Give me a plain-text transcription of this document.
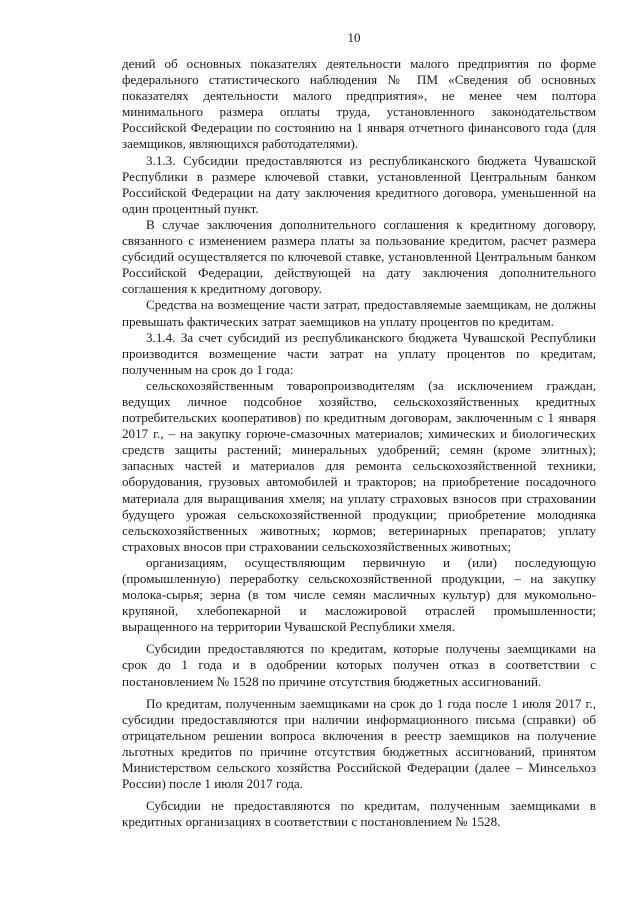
10

дений об основных показателях деятельности малого предприятия по форме федерального статистического наблюдения № ПМ «Сведения об основных показателях деятельности малого предприятия», не менее чем полтора минимального размера оплаты труда, установленного законодательством Российской Федерации по состоянию на 1 января отчетного финансового года (для заемщиков, являющихся работодателями).

3.1.3. Субсидии предоставляются из республиканского бюджета Чувашской Республики в размере ключевой ставки, установленной Центральным банком Российской Федерации на дату заключения кредитного договора, уменьшенной на один процентный пункт.

В случае заключения дополнительного соглашения к кредитному договору, связанного с изменением размера платы за пользование кредитом, расчет размера субсидий осуществляется по ключевой ставке, установленной Центральным банком Российской Федерации, действующей на дату заключения дополнительного соглашения к кредитному договору.

Средства на возмещение части затрат, предоставляемые заемщикам, не должны превышать фактических затрат заемщиков на уплату процентов по кредитам.

3.1.4. За счет субсидий из республиканского бюджета Чувашской Республики производится возмещение части затрат на уплату процентов по кредитам, полученным на срок до 1 года:

сельскохозяйственным товаропроизводителям (за исключением граждан, ведущих личное подсобное хозяйство, сельскохозяйственных кредитных потребительских кооперативов) по кредитным договорам, заключенным с 1 января 2017 г., – на закупку горюче-смазочных материалов; химических и биологических средств защиты растений; минеральных удобрений; семян (кроме элитных); запасных частей и материалов для ремонта сельскохозяйственной техники, оборудования, грузовых автомобилей и тракторов; на приобретение посадочного материала для выращивания хмеля; на уплату страховых взносов при страховании будущего урожая сельскохозяйственной продукции; приобретение молодняка сельскохозяйственных животных; кормов; ветеринарных препаратов; уплату страховых вносов при страховании сельскохозяйственных животных;

организациям, осуществляющим первичную и (или) последующую (промышленную) переработку сельскохозяйственной продукции, – на закупку молока-сырья; зерна (в том числе семян масличных культур) для мукомольно-крупяной, хлебопекарной и масложировой отраслей промышленности; выращенного на территории Чувашской Республики хмеля.

Субсидии предоставляются по кредитам, которые получены заемщиками на срок до 1 года и в одобрении которых получен отказ в соответствии с постановлением № 1528 по причине отсутствия бюджетных ассигнований.

По кредитам, полученным заемщиками на срок до 1 года после 1 июля 2017 г., субсидии предоставляются при наличии информационного письма (справки) об отрицательном решении вопроса включения в реестр заемщиков на получение льготных кредитов по причине отсутствия бюджетных ассигнований, принятом Министерством сельского хозяйства Российской Федерации (далее – Минсельхоз России) после 1 июля 2017 года.

Субсидии не предоставляются по кредитам, полученным заемщиками в кредитных организациях в соответствии с постановлением № 1528.
